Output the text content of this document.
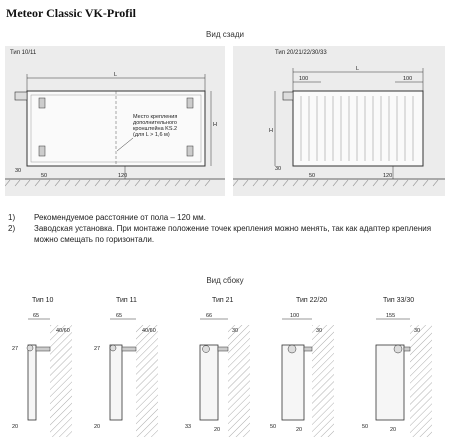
Meteor Classic VK-Profil
Вид сзади
Тип 10/11	Тип 20/21/22/30/33
L
H
120
30
50
Место крепления
дополнительного
кронштейна KS.2
(для L > 1,6 м)
L
100	100
H
120
30
50
1)	Рекомендуемое расстояние от пола – 120 мм.
2)	Заводская установка. При монтаже положение точек крепления можно менять, так как адаптер крепления можно смещать по горизонтали.
Вид сбоку
Тип 10	Тип 11	Тип 21	Тип 22/20	Тип 33/30
65
40/60
27
20
65
40/60
27
20
66
30
33	20
100
30
50	20
155
30
50	20
